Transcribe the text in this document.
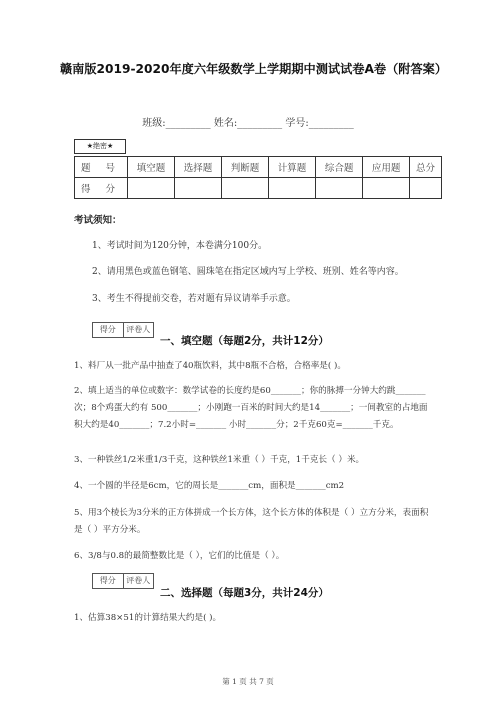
赣南版2019-2020年度六年级数学上学期期中测试试卷A卷（附答案）
班级:_________ 姓名:_________ 学号:_________
★绝密★
题 号	填空题	选择题	判断题	计算题	综合题	应用题	总分
得 分							
考试须知：
1、考试时间为120分钟，本卷满分100分。
2、请用黑色或蓝色钢笔、圆珠笔在指定区域内写上学校、班别、姓名等内容。
3、考生不得提前交卷，若对题有异议请举手示意。
得分	评卷人
一、填空题（每题2分，共计12分）
1、料厂从一批产品中抽查了40瓶饮料，其中8瓶不合格，合格率是( )。
2、填上适当的单位或数字：数学试卷的长度约是60_______；你的脉搏一分钟大约跳_______次；8个鸡蛋大约有 500_______；小刚跑一百米的时间大约是14_______；一间教室的占地面积大约是40_______；7.2小时=_______ 小时_______分；2千克60克=_______千克。
3、一种铁丝1/2米重1/3千克，这种铁丝1米重（ ）千克，1千克长（ ）米。
4、一个圆的半径是6cm，它的周长是_______cm，面积是_______cm2
5、用3个棱长为3分米的正方体拼成一个长方体，这个长方体的体积是（ ）立方分米，表面积是（ ）平方分米。
6、3/8与0.8的最简整数比是（ ），它们的比值是（ ）。
得分	评卷人
二、选择题（每题3分，共计24分）
1、估算38×51的计算结果大约是( )。
第 1 页 共 7 页
